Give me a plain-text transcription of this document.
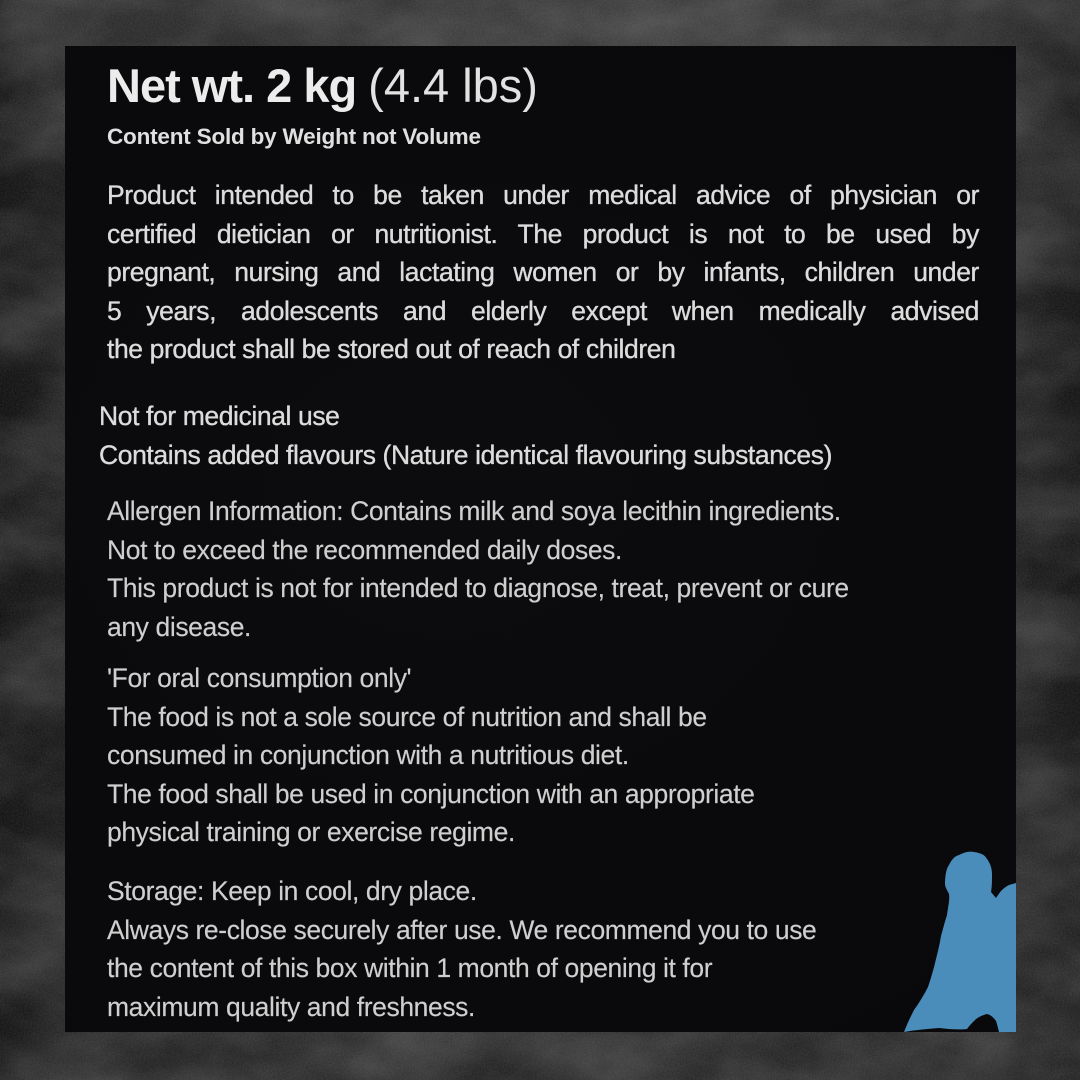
Net wt. 2 kg (4.4 lbs)
Content Sold by Weight not Volume
Product intended to be taken under medical advice of physician or
certified dietician or nutritionist. The product is not to be used by
pregnant, nursing and lactating women or by infants, children under
5 years, adolescents and elderly except when medically advised
the product shall be stored out of reach of children
Not for medicinal use
Contains added flavours (Nature identical flavouring substances)
Allergen Information: Contains milk and soya lecithin ingredients.
Not to exceed the recommended daily doses.
This product is not for intended to diagnose, treat, prevent or cure
any disease.
'For oral consumption only'
The food is not a sole source of nutrition and shall be
consumed in conjunction with a nutritious diet.
The food shall be used in conjunction with an appropriate
physical training or exercise regime.
Storage: Keep in cool, dry place.
Always re-close securely after use. We recommend you to use
the content of this box within 1 month of opening it for
maximum quality and freshness.
